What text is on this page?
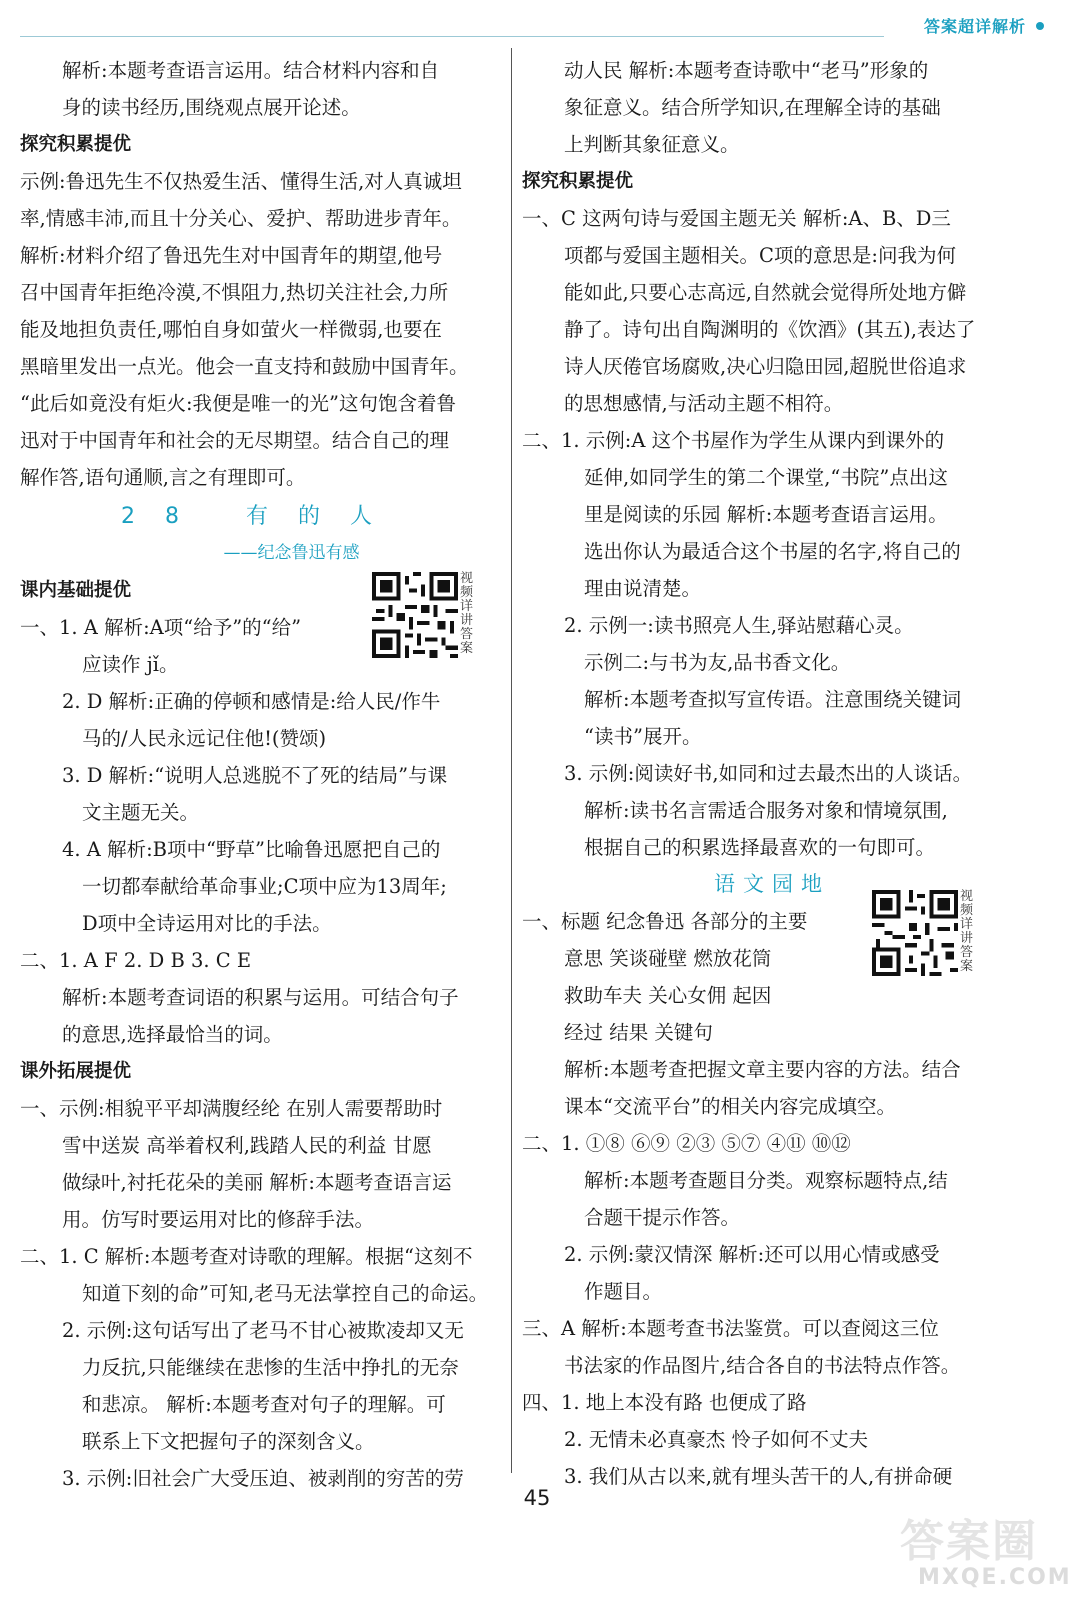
答案超详解析

解析:本题考查语言运用。结合材料内容和自

身的读书经历,围绕观点展开论述。

探究积累提优

示例:鲁迅先生不仅热爱生活、懂得生活,对人真诚坦

率,情感丰沛,而且十分关心、爱护、帮助进步青年。

解析:材料介绍了鲁迅先生对中国青年的期望,他号

召中国青年拒绝冷漠,不惧阻力,热切关注社会,力所

能及地担负责任,哪怕自身如萤火一样微弱,也要在

黑暗里发出一点光。他会一直支持和鼓励中国青年。

“此后如竟没有炬火:我便是唯一的光”这句饱含着鲁

迅对于中国青年和社会的无尽期望。结合自己的理

解作答,语句通顺,言之有理即可。

28 有的人

——纪念鲁迅有感

课内基础提优

一、1. A 解析:A项“给予”的“给”

应读作 jǐ。

2. D 解析:正确的停顿和感情是:给人民/作牛

马的/人民永远记住他!(赞颂)

3. D 解析:“说明人总逃脱不了死的结局”与课

文主题无关。

4. A 解析:B项中“野草”比喻鲁迅愿把自己的

一切都奉献给革命事业;C项中应为13周年;

D项中全诗运用对比的手法。

二、1. A F 2. D B 3. C E

解析:本题考查词语的积累与运用。可结合句子

的意思,选择最恰当的词。

课外拓展提优

一、示例:相貌平平却满腹经纶 在别人需要帮助时

雪中送炭 高举着权利,践踏人民的利益 甘愿

做绿叶,衬托花朵的美丽 解析:本题考查语言运

用。仿写时要运用对比的修辞手法。

二、1. C 解析:本题考查对诗歌的理解。根据“这刻不

知道下刻的命”可知,老马无法掌控自己的命运。

2. 示例:这句话写出了老马不甘心被欺凌却又无

力反抗,只能继续在悲惨的生活中挣扎的无奈

和悲凉。 解析:本题考查对句子的理解。可

联系上下文把握句子的深刻含义。

3. 示例:旧社会广大受压迫、被剥削的穷苦的劳

动人民 解析:本题考查诗歌中“老马”形象的

象征意义。结合所学知识,在理解全诗的基础

上判断其象征意义。

探究积累提优

一、C 这两句诗与爱国主题无关 解析:A、B、D三

项都与爱国主题相关。C项的意思是:问我为何

能如此,只要心志高远,自然就会觉得所处地方僻

静了。诗句出自陶渊明的《饮酒》(其五),表达了

诗人厌倦官场腐败,决心归隐田园,超脱世俗追求

的思想感情,与活动主题不相符。

二、1. 示例:A 这个书屋作为学生从课内到课外的

延伸,如同学生的第二个课堂,“书院”点出这

里是阅读的乐园 解析:本题考查语言运用。

选出你认为最适合这个书屋的名字,将自己的

理由说清楚。

2. 示例一:读书照亮人生,驿站慰藉心灵。

示例二:与书为友,品书香文化。

解析:本题考查拟写宣传语。注意围绕关键词

“读书”展开。

3. 示例:阅读好书,如同和过去最杰出的人谈话。

解析:读书名言需适合服务对象和情境氛围,

根据自己的积累选择最喜欢的一句即可。

语文园地

一、标题 纪念鲁迅 各部分的主要

意思 笑谈碰壁 燃放花筒

救助车夫 关心女佣 起因

经过 结果 关键句

解析:本题考查把握文章主要内容的方法。结合

课本“交流平台”的相关内容完成填空。

二、1. ①⑧ ⑥⑨ ②③ ⑤⑦ ④⑪ ⑩⑫

解析:本题考查题目分类。观察标题特点,结

合题干提示作答。

2. 示例:蒙汉情深 解析:还可以用心情或感受

作题目。

三、A 解析:本题考查书法鉴赏。可以查阅这三位

书法家的作品图片,结合各自的书法特点作答。

四、1. 地上本没有路 也便成了路

2. 无情未必真豪杰 怜子如何不丈夫

3. 我们从古以来,就有埋头苦干的人,有拼命硬

视频详讲答案
视频详讲答案
45
答案圈
MXQE.COM
